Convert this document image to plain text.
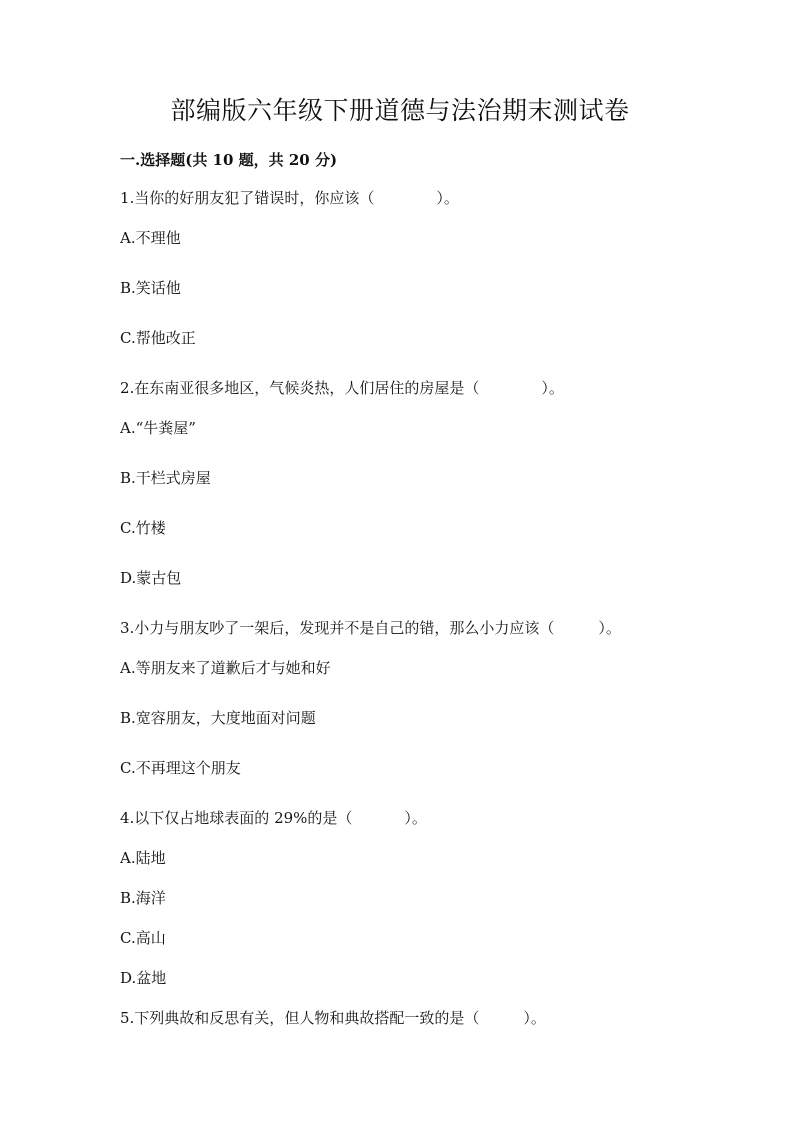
部编版六年级下册道德与法治期末测试卷
一.选择题(共 10 题，共 20 分)
1.当你的好朋友犯了错误时，你应该（	）。
A.不理他
B.笑话他
C.帮他改正
2.在东南亚很多地区，气候炎热，人们居住的房屋是（	）。
A.“牛粪屋”
B.干栏式房屋
C.竹楼
D.蒙古包
3.小力与朋友吵了一架后，发现并不是自己的错，那么小力应该（	）。
A.等朋友来了道歉后才与她和好
B.宽容朋友，大度地面对问题
C.不再理这个朋友
4.以下仅占地球表面的 29%的是（	）。
A.陆地
B.海洋
C.高山
D.盆地
5.下列典故和反思有关，但人物和典故搭配一致的是（	）。
